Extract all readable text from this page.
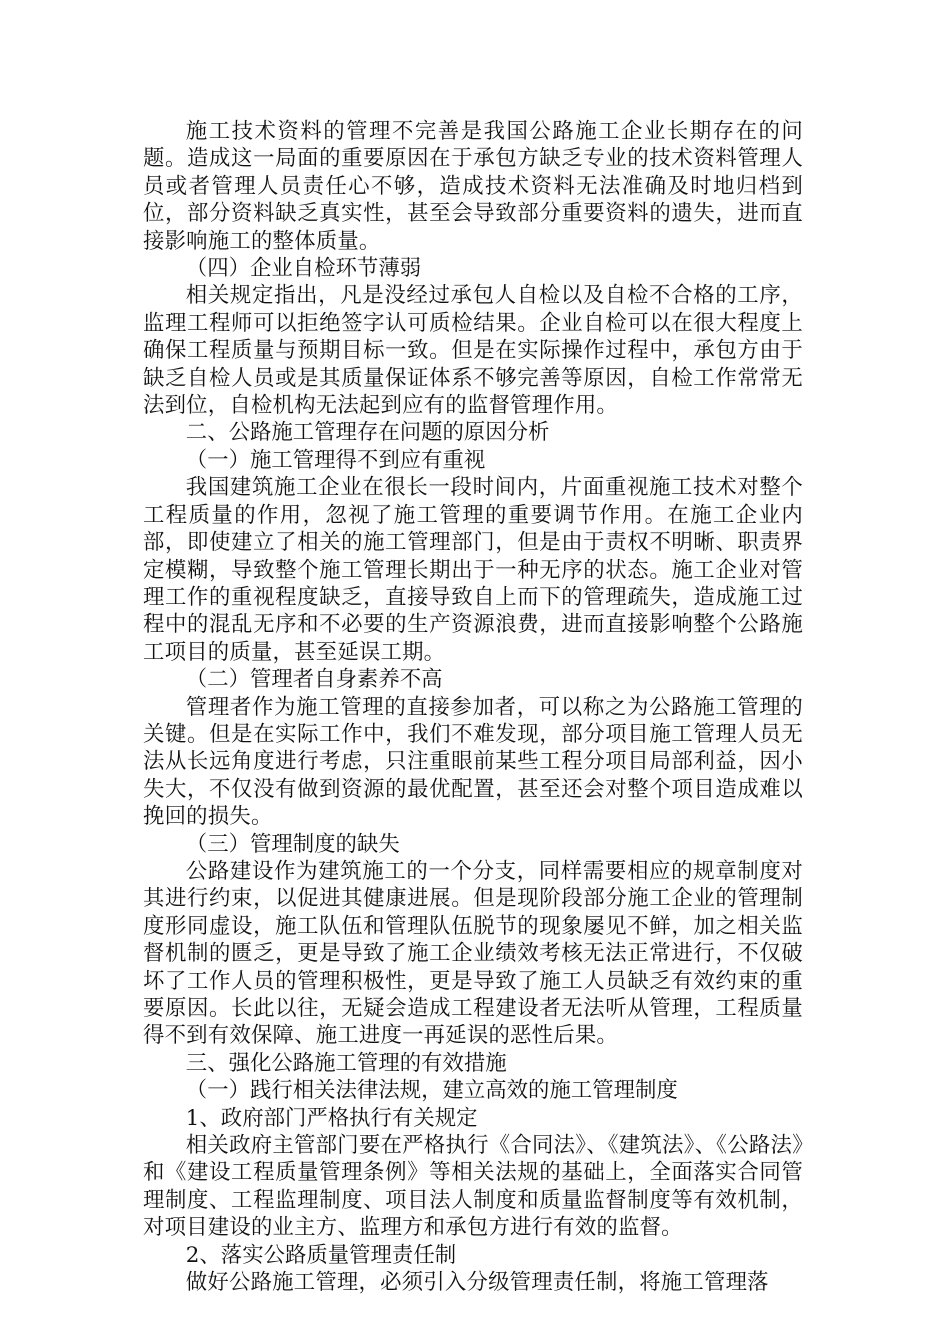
施工技术资料的管理不完善是我国公路施工企业长期存在的问题。造成这一局面的重要原因在于承包方缺乏专业的技术资料管理人员或者管理人员责任心不够，造成技术资料无法准确及时地归档到位，部分资料缺乏真实性，甚至会导致部分重要资料的遗失，进而直接影响施工的整体质量。

（四）企业自检环节薄弱

相关规定指出，凡是没经过承包人自检以及自检不合格的工序，监理工程师可以拒绝签字认可质检结果。企业自检可以在很大程度上确保工程质量与预期目标一致。但是在实际操作过程中，承包方由于缺乏自检人员或是其质量保证体系不够完善等原因，自检工作常常无法到位，自检机构无法起到应有的监督管理作用。

二、公路施工管理存在问题的原因分析

（一）施工管理得不到应有重视

我国建筑施工企业在很长一段时间内，片面重视施工技术对整个工程质量的作用，忽视了施工管理的重要调节作用。在施工企业内部，即使建立了相关的施工管理部门，但是由于责权不明晰、职责界定模糊，导致整个施工管理长期出于一种无序的状态。施工企业对管理工作的重视程度缺乏，直接导致自上而下的管理疏失，造成施工过程中的混乱无序和不必要的生产资源浪费，进而直接影响整个公路施工项目的质量，甚至延误工期。

（二）管理者自身素养不高

管理者作为施工管理的直接参加者，可以称之为公路施工管理的关键。但是在实际工作中，我们不难发现，部分项目施工管理人员无法从长远角度进行考虑，只注重眼前某些工程分项目局部利益，因小失大，不仅没有做到资源的最优配置，甚至还会对整个项目造成难以挽回的损失。

（三）管理制度的缺失

公路建设作为建筑施工的一个分支，同样需要相应的规章制度对其进行约束，以促进其健康进展。但是现阶段部分施工企业的管理制度形同虚设，施工队伍和管理队伍脱节的现象屡见不鲜，加之相关监督机制的匮乏，更是导致了施工企业绩效考核无法正常进行，不仅破坏了工作人员的管理积极性，更是导致了施工人员缺乏有效约束的重要原因。长此以往，无疑会造成工程建设者无法听从管理，工程质量得不到有效保障、施工进度一再延误的恶性后果。

三、强化公路施工管理的有效措施

（一）践行相关法律法规，建立高效的施工管理制度

1、政府部门严格执行有关规定

相关政府主管部门要在严格执行《合同法》、《建筑法》、《公路法》和《建设工程质量管理条例》等相关法规的基础上，全面落实合同管理制度、工程监理制度、项目法人制度和质量监督制度等有效机制，对项目建设的业主方、监理方和承包方进行有效的监督。

2、落实公路质量管理责任制

做好公路施工管理，必须引入分级管理责任制，将施工管理落
